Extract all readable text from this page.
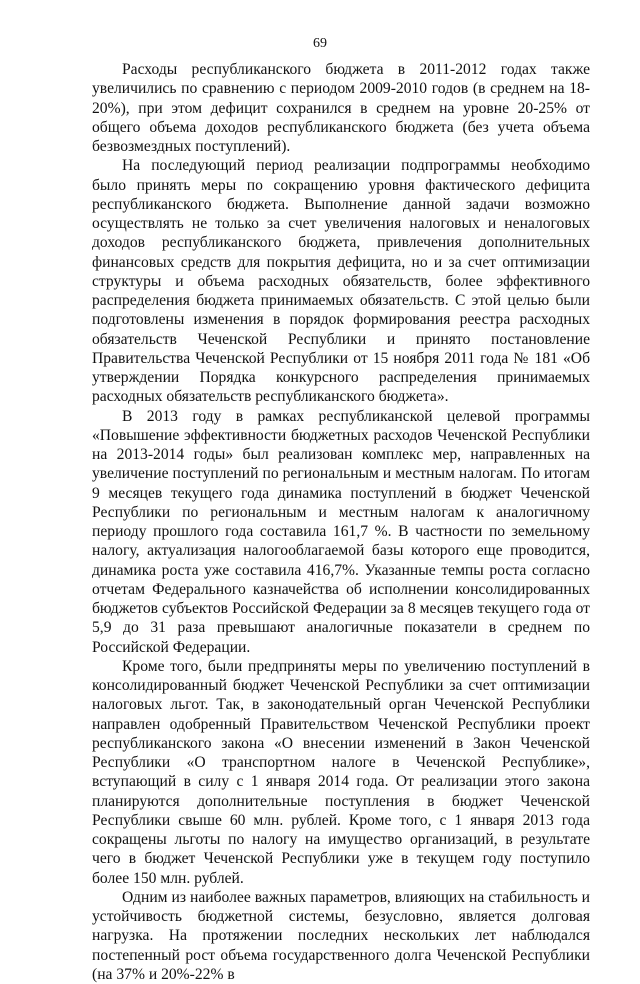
69

Расходы республиканского бюджета в 2011-2012 годах также увеличились по сравнению с периодом 2009-2010 годов (в среднем на 18-20%), при этом дефицит сохранился в среднем на уровне 20-25% от общего объема доходов республиканского бюджета (без учета объема безвозмездных поступлений).

На последующий период реализации подпрограммы необходимо было принять меры по сокращению уровня фактического дефицита республиканского бюджета. Выполнение данной задачи возможно осуществлять не только за счет увеличения налоговых и неналоговых доходов республиканского бюджета, привлечения дополнительных финансовых средств для покрытия дефицита, но и за счет оптимизации структуры и объема расходных обязательств, более эффективного распределения бюджета принимаемых обязательств. С этой целью были подготовлены изменения в порядок формирования реестра расходных обязательств Чеченской Республики и принято постановление Правительства Чеченской Республики от 15 ноября 2011 года № 181 «Об утверждении Порядка конкурсного распределения принимаемых расходных обязательств республиканского бюджета».

В 2013 году в рамках республиканской целевой программы «Повышение эффективности бюджетных расходов Чеченской Республики на 2013-2014 годы» был реализован комплекс мер, направленных на увеличение поступлений по региональным и местным налогам. По итогам 9 месяцев текущего года динамика поступлений в бюджет Чеченской Республики по региональным и местным налогам к аналогичному периоду прошлого года составила 161,7 %. В частности по земельному налогу, актуализация налогооблагаемой базы которого еще проводится, динамика роста уже составила 416,7%. Указанные темпы роста согласно отчетам Федерального казначейства об исполнении консолидированных бюджетов субъектов Российской Федерации за 8 месяцев текущего года от 5,9 до 31 раза превышают аналогичные показатели в среднем по Российской Федерации.

Кроме того, были предприняты меры по увеличению поступлений в консолидированный бюджет Чеченской Республики за счет оптимизации налоговых льгот. Так, в законодательный орган Чеченской Республики направлен одобренный Правительством Чеченской Республики проект республиканского закона «О внесении изменений в Закон Чеченской Республики «О транспортном налоге в Чеченской Республике», вступающий в силу с 1 января 2014 года. От реализации этого закона планируются дополнительные поступления в бюджет Чеченской Республики свыше 60 млн. рублей. Кроме того, с 1 января 2013 года сокращены льготы по налогу на имущество организаций, в результате чего в бюджет Чеченской Республики уже в текущем году поступило более 150 млн. рублей.

Одним из наиболее важных параметров, влияющих на стабильность и устойчивость бюджетной системы, безусловно, является долговая нагрузка. На протяжении последних нескольких лет наблюдался постепенный рост объема государственного долга Чеченской Республики (на 37% и 20%-22% в
